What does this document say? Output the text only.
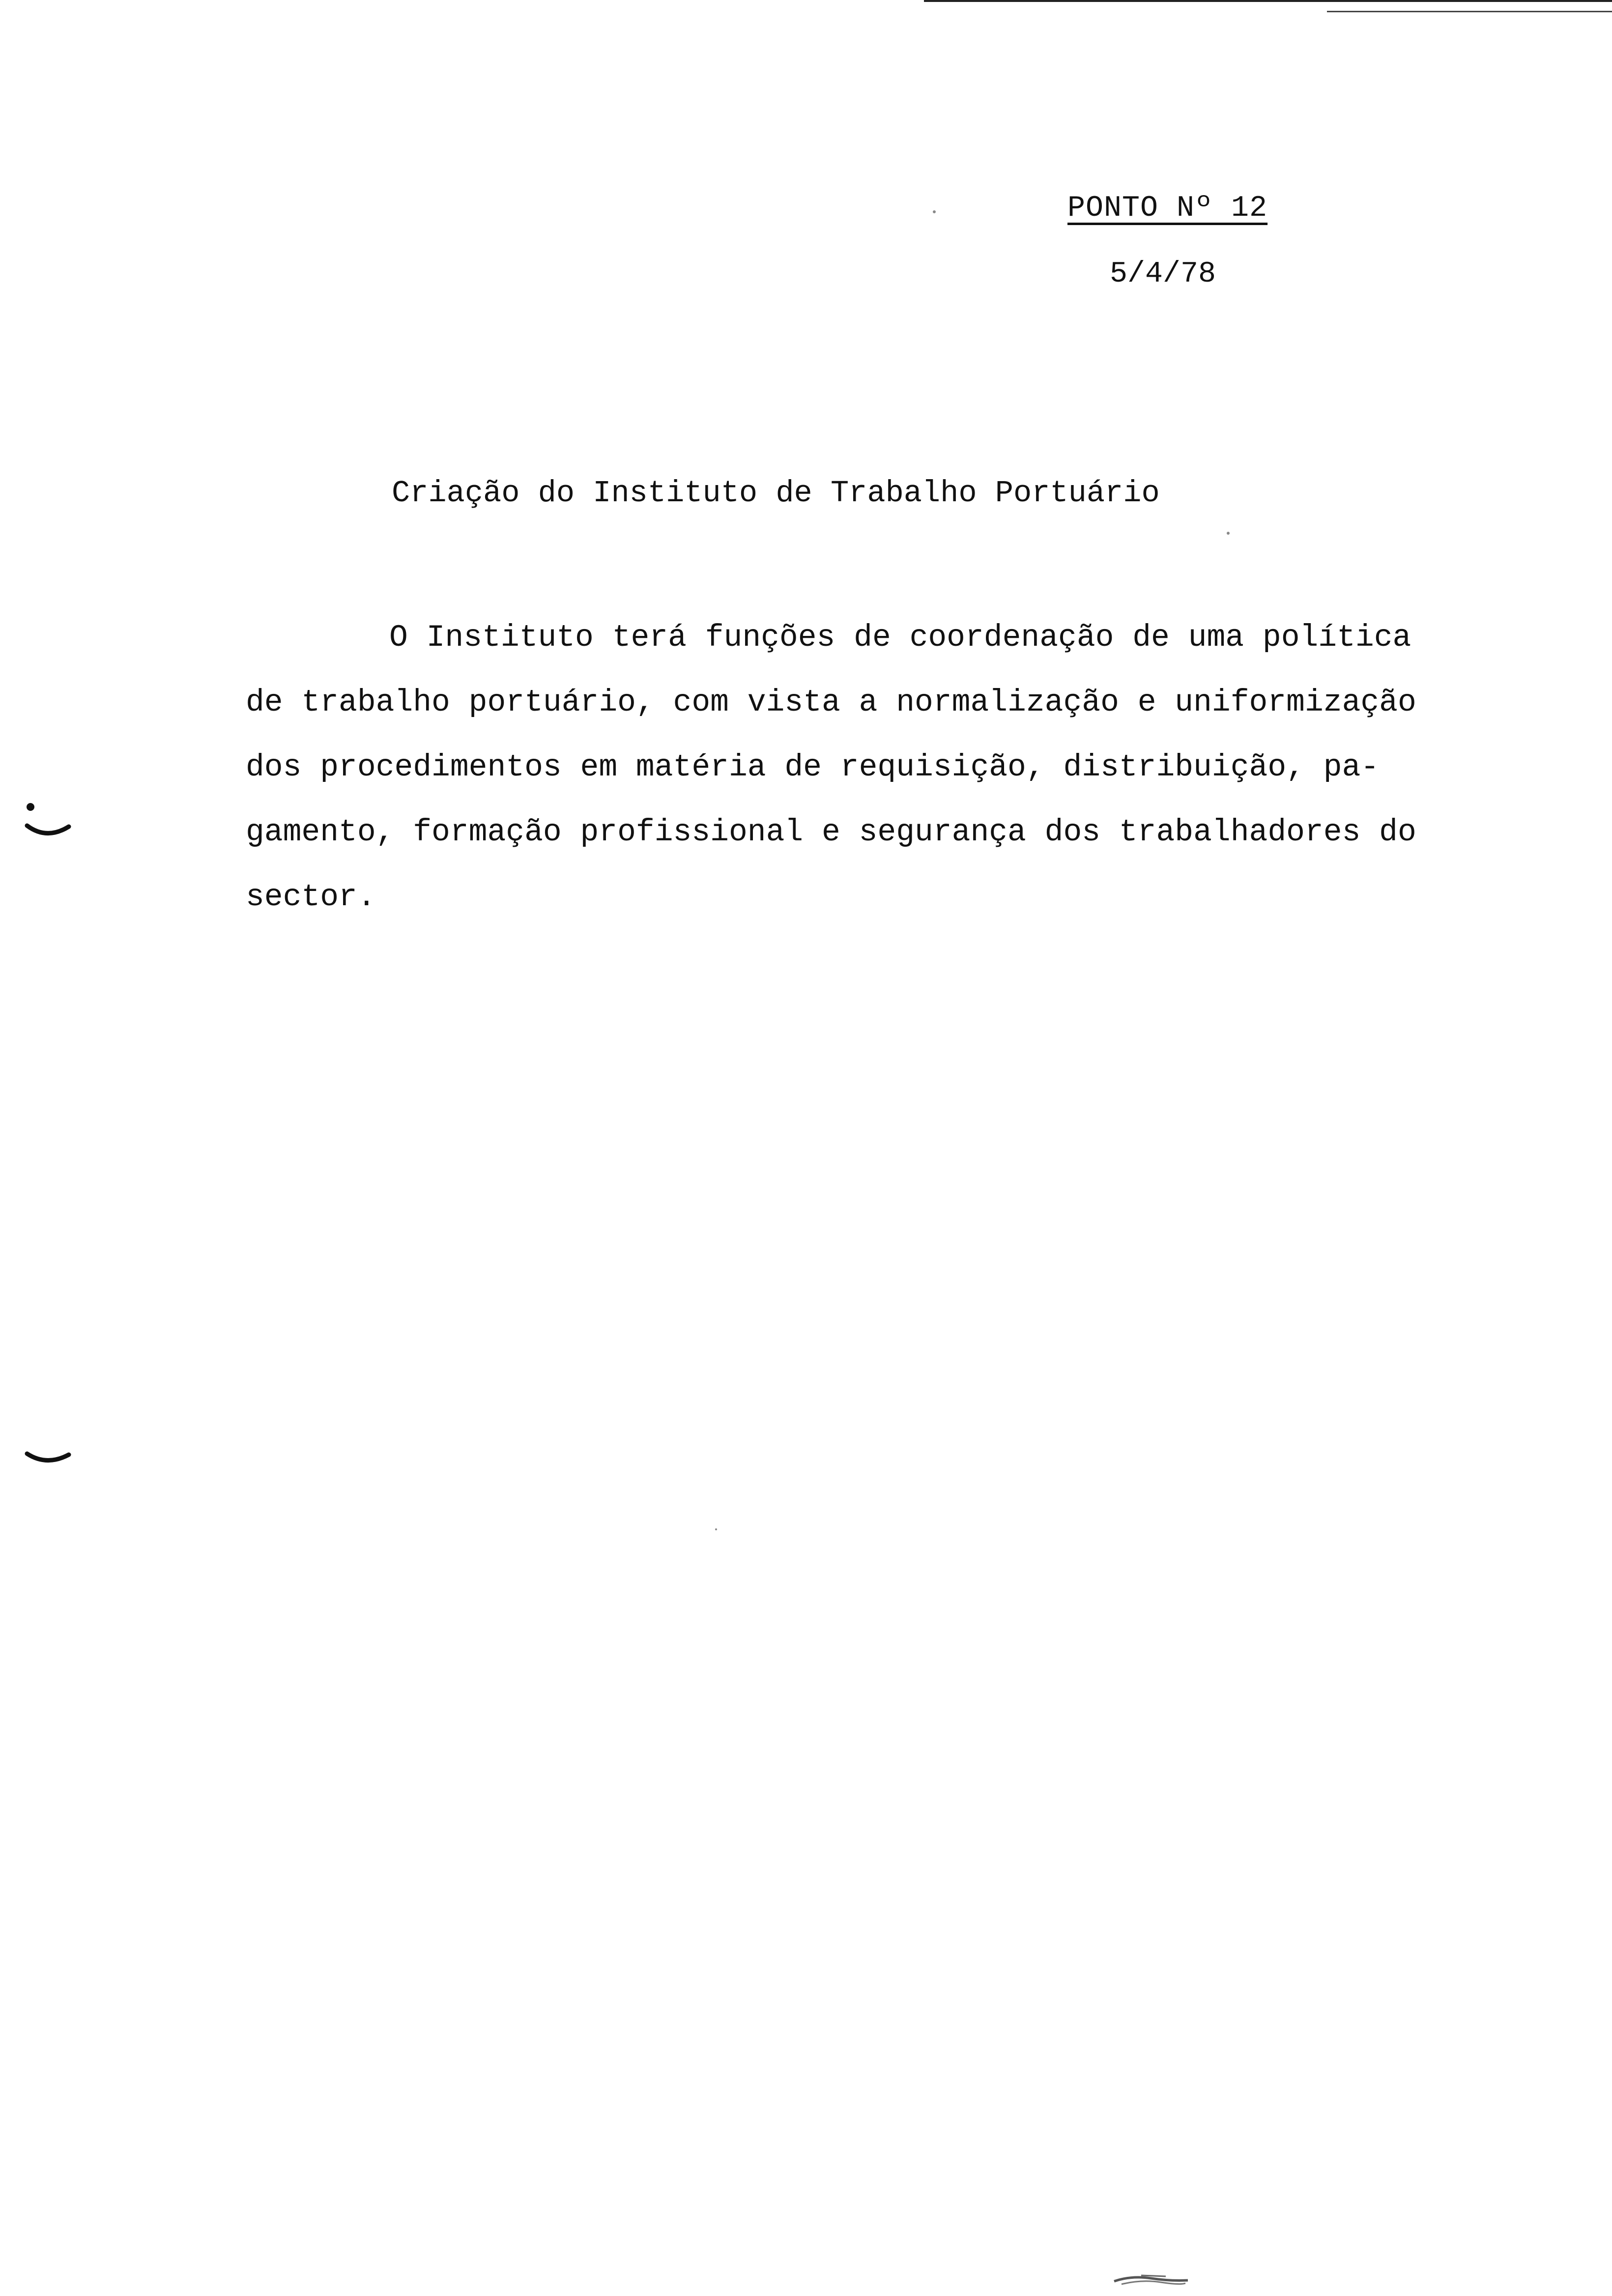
PONTO Nº 12
5/4/78
Criação do Instituto de Trabalho Portuário
O Instituto terá funções de coordenação de uma política
de trabalho portuário, com vista a normalização e uniformização
dos procedimentos em matéria de requisição, distribuição, pa-
gamento, formação profissional e segurança dos trabalhadores do
sector.
